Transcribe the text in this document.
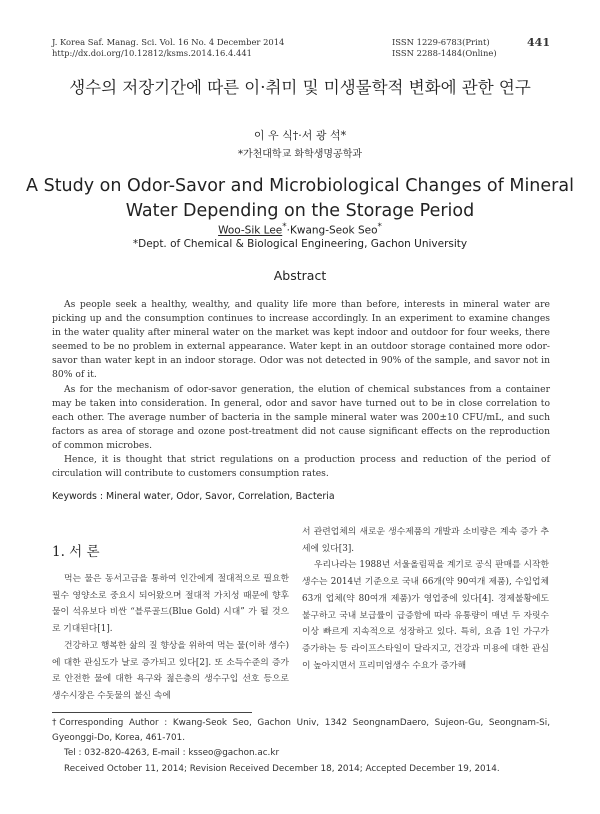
J. Korea Saf. Manag. Sci. Vol. 16 No. 4 December 2014
http://dx.doi.org/10.12812/ksms.2014.16.4.441
ISSN 1229-6783(Print)
ISSN 2288-1484(Online)
441
생수의 저장기간에 따른 이·취미 및 미생물학적 변화에 관한 연구
이 우 식†·서 광 석*
*가천대학교 화학생명공학과
A Study on Odor-Savor and Microbiological Changes of Mineral Water Depending on the Storage Period
Woo-Sik Lee*·Kwang-Seok Seo*
*Dept. of Chemical & Biological Engineering, Gachon University
Abstract

As people seek a healthy, wealthy, and quality life more than before, interests in mineral water are picking up and the consumption continues to increase accordingly. In an experiment to examine changes in the water quality after mineral water on the market was kept indoor and outdoor for four weeks, there seemed to be no problem in external appearance. Water kept in an outdoor storage contained more odor-savor than water kept in an indoor storage. Odor was not detected in 90% of the sample, and savor not in 80% of it.

As for the mechanism of odor-savor generation, the elution of chemical substances from a container may be taken into consideration. In general, odor and savor have turned out to be in close correlation to each other. The average number of bacteria in the sample mineral water was 200±10 CFU/mL, and such factors as area of storage and ozone post-treatment did not cause significant effects on the reproduction of common microbes.

Hence, it is thought that strict regulations on a production process and reduction of the period of circulation will contribute to customers consumption rates.

Keywords : Mineral water, Odor, Savor, Correlation, Bacteria
1. 서 론

먹는 물은 동서고금을 통하여 인간에게 절대적으로 필요한 필수 영양소로 중요시 되어왔으며 절대적 가치성 때문에 향후 물이 석유보다 비싼 “블루골드(Blue Gold) 시대” 가 될 것으로 기대된다[1].

건강하고 행복한 삶의 질 향상을 위하여 먹는 물(이하 생수)에 대한 관심도가 날로 증가되고 있다[2]. 또 소득수준의 증가로 안전한 물에 대한 욕구와 젊은층의 생수구입 선호 등으로 생수시장은 수돗물의 불신 속에

서 관련업체의 새로운 생수제품의 개발과 소비량은 계속 증가 추세에 있다[3].

우리나라는 1988년 서울올림픽을 계기로 공식 판매를 시작한 생수는 2014년 기준으로 국내 66개(약 90여개 제품), 수입업체 63개 업체(약 80여개 제품)가 영업중에 있다[4]. 경제불황에도 불구하고 국내 보급률이 급증함에 따라 유통량이 매년 두 자릿수 이상 빠르게 지속적으로 성장하고 있다. 특히, 요즘 1인 가구가 증가하는 등 라이프스타일이 달라지고, 건강과 미용에 대한 관심이 높아지면서 프리미엄생수 수요가 증가해

†Corresponding Author : Kwang-Seok Seo, Gachon Univ, 1342 SeongnamDaero, Sujeon-Gu, Seongnam-Si, Gyeonggi-Do, Korea, 461-701.
Tel : 032-820-4263, E-mail : ksseo@gachon.ac.kr
Received October 11, 2014; Revision Received December 18, 2014; Accepted December 19, 2014.
